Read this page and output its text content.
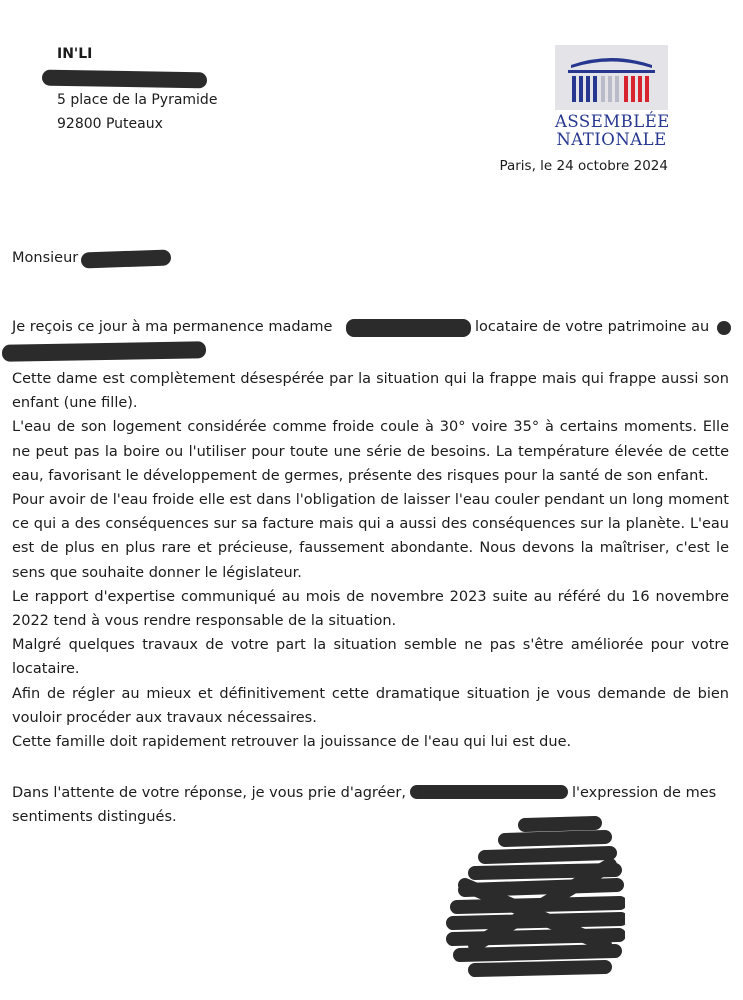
IN'LI
5 place de la Pyramide
92800 Puteaux	ASSEMBLÉE
NATIONALE
Paris, le 24 octobre 2024
Monsieur
Je reçois ce jour à ma permanence madame	locataire de votre patrimoine au

Cette dame est complètement désespérée par la situation qui la frappe mais qui frappe aussi son enfant (une fille).

L'eau de son logement considérée comme froide coule à 30° voire 35° à certains moments. Elle ne peut pas la boire ou l'utiliser pour toute une série de besoins. La température élevée de cette eau, favorisant le développement de germes, présente des risques pour la santé de son enfant.

Pour avoir de l'eau froide elle est dans l'obligation de laisser l'eau couler pendant un long moment ce qui a des conséquences sur sa facture mais qui a aussi des conséquences sur la planète. L'eau est de plus en plus rare et précieuse, faussement abondante. Nous devons la maîtriser, c'est le sens que souhaite donner le législateur.

Le rapport d'expertise communiqué au mois de novembre 2023 suite au référé du 16 novembre 2022 tend à vous rendre responsable de la situation.

Malgré quelques travaux de votre part la situation semble ne pas s'être améliorée pour votre locataire.

Afin de régler au mieux et définitivement cette dramatique situation je vous demande de bien vouloir procéder aux travaux nécessaires.

Cette famille doit rapidement retrouver la jouissance de l'eau qui lui est due.

Dans l'attente de votre réponse, je vous prie d'agréer,	l'expression de mes sentiments distingués.
